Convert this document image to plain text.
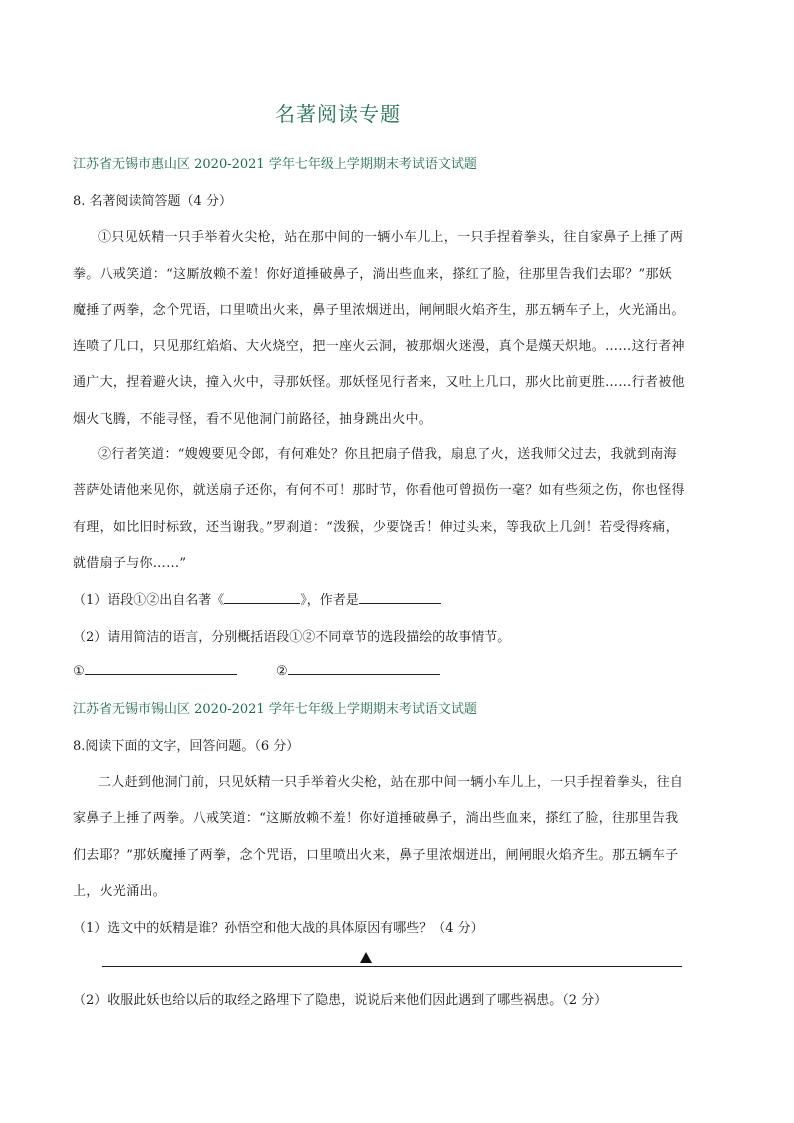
名著阅读专题
江苏省无锡市惠山区 2020-2021 学年七年级上学期期末考试语文试题
8. 名著阅读简答题（4 分）
①只见妖精一只手举着火尖枪，站在那中间的一辆小车儿上，一只手捏着拳头，往自家鼻子上捶了两
拳。八戒笑道：“这厮放赖不羞！你好道捶破鼻子，淌出些血来，搽红了脸，往那里告我们去耶？”那妖
魔捶了两拳，念个咒语，口里喷出火来，鼻子里浓烟迸出，闸闸眼火焰齐生，那五辆车子上，火光涌出。
连喷了几口，只见那红焰焰、大火烧空，把一座火云洞，被那烟火迷漫，真个是熯天炽地。……这行者神
通广大，捏着避火诀，撞入火中，寻那妖怪。那妖怪见行者来，又吐上几口，那火比前更胜……行者被他
烟火飞腾，不能寻怪，看不见他洞门前路径，抽身跳出火中。
②行者笑道：“嫂嫂要见令郎，有何难处？你且把扇子借我，扇息了火，送我师父过去，我就到南海
菩萨处请他来见你，就送扇子还你，有何不可！那时节，你看他可曾损伤一毫？如有些须之伤，你也怪得
有理，如比旧时标致，还当谢我。”罗刹道：“泼猴，少要饶舌！伸过头来，等我砍上几剑！若受得疼痛，
就借扇子与你……”
（1）语段①②出自名著《	》，作者是
（2）请用简洁的语言，分别概括语段①②不同章节的选段描绘的故事情节。
①	②
江苏省无锡市锡山区 2020-2021 学年七年级上学期期末考试语文试题
8.阅读下面的文字，回答问题。（6 分）
二人赶到他洞门前，只见妖精一只手举着火尖枪，站在那中间一辆小车儿上，一只手捏着拳头，往自
家鼻子上捶了两拳。八戒笑道：“这厮放赖不羞！你好道捶破鼻子，淌出些血来，搽红了脸，往那里告我
们去耶？”那妖魔捶了两拳，念个咒语，口里喷出火来，鼻子里浓烟迸出，闸闸眼火焰齐生。那五辆车子
上，火光涌出。
（1）选文中的妖精是谁？孙悟空和他大战的具体原因有哪些？（4 分）
（2）收服此妖也给以后的取经之路埋下了隐患，说说后来他们因此遇到了哪些祸患。（2 分）
